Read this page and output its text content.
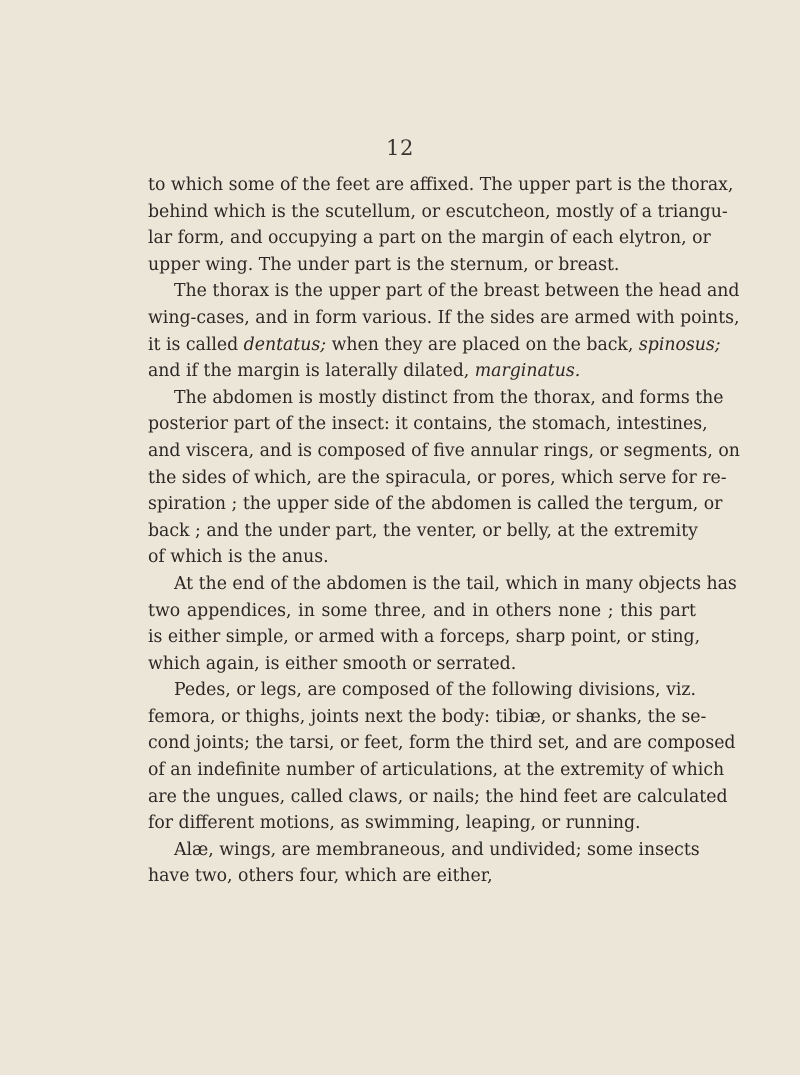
12
to which some of the feet are affixed. The upper part is the thorax,
behind which is the scutellum, or escutcheon, mostly of a triangu-
lar form, and occupying a part on the margin of each elytron, or
upper wing. The under part is the sternum, or breast.
The thorax is the upper part of the breast between the head and
wing-cases, and in form various. If the sides are armed with points,
it is called dentatus; when they are placed on the back, spinosus;
and if the margin is laterally dilated, marginatus.
The abdomen is mostly distinct from the thorax, and forms the
posterior part of the insect: it contains, the stomach, intestines,
and viscera, and is composed of five annular rings, or segments, on
the sides of which, are the spiracula, or pores, which serve for re-
spiration ; the upper side of the abdomen is called the tergum, or
back ; and the under part, the venter, or belly, at the extremity
of which is the anus.
At the end of the abdomen is the tail, which in many objects has
two appendices, in some three, and in others none ; this part
is either simple, or armed with a forceps, sharp point, or sting,
which again, is either smooth or serrated.
Pedes, or legs, are composed of the following divisions, viz.
femora, or thighs, joints next the body: tibiæ, or shanks, the se-
cond joints; the tarsi, or feet, form the third set, and are composed
of an indefinite number of articulations, at the extremity of which
are the ungues, called claws, or nails; the hind feet are calculated
for different motions, as swimming, leaping, or running.
Alæ, wings, are membraneous, and undivided; some insects
have two, others four, which are either,
